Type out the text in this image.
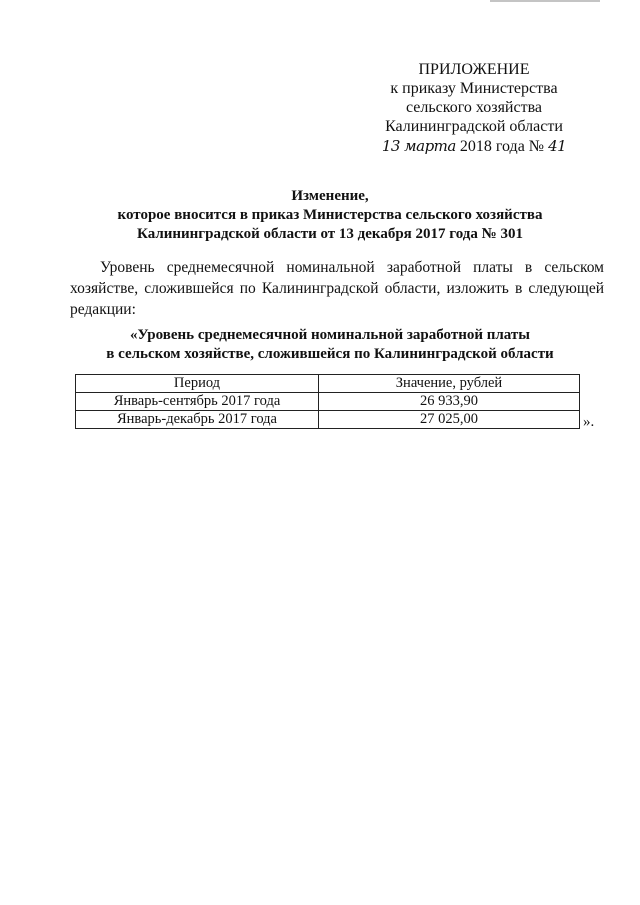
ПРИЛОЖЕНИЕ
к приказу Министерства
сельского хозяйства
Калининградской области
13 марта 2018 года № 41
Изменение,
которое вносится в приказ Министерства сельского хозяйства
Калининградской области от 13 декабря 2017 года № 301
Уровень среднемесячной номинальной заработной платы в сельском хозяйстве, сложившейся по Калининградской области, изложить в следующей редакции:
«Уровень среднемесячной номинальной заработной платы
в сельском хозяйстве, сложившейся по Калининградской области
Период	Значение, рублей
Январь-сентябрь 2017 года	26 933,90
Январь-декабрь 2017 года	27 025,00	».
